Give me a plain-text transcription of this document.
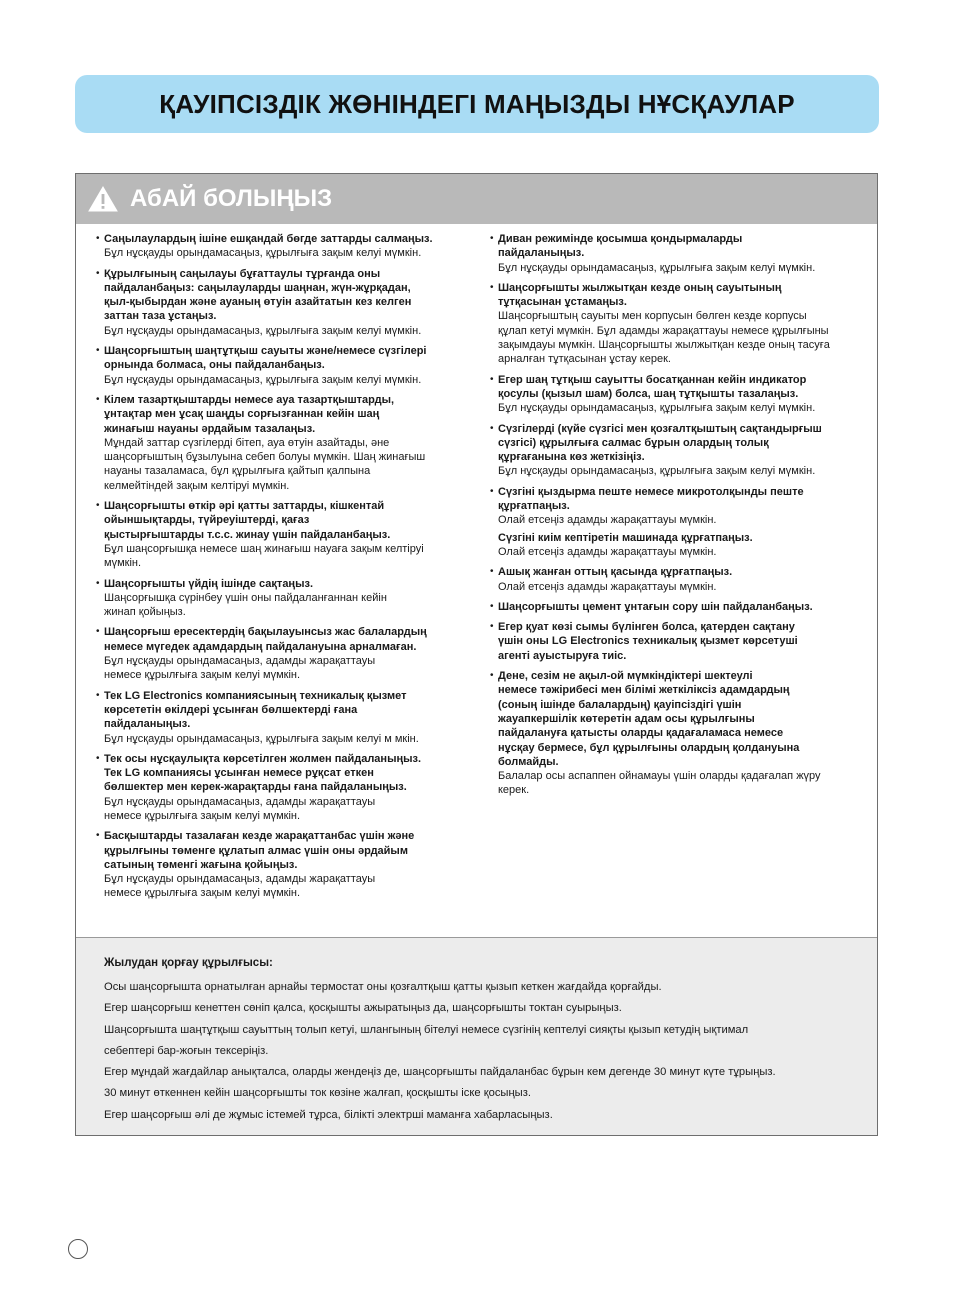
ҚАУІПСІЗДІК ЖӨНІНДЕГІ МАҢЫЗДЫ НҰСҚАУЛАР
АбАЙ бОЛЫҢЫЗ
• Саңылаулардың ішіне ешқандай бөгде заттарды салмаңыз.
Бұл нұсқауды орындамасаңыз, құрылғыға зақым келуі мүмкін.
• Құрылғының саңылауы бұғаттаулы тұрғанда оны
пайдаланбаңыз: саңылауларды шаңнан, жүн-жұрқадан,
қыл-қыбырдан және ауаның өтуін азайтатын кез келген
заттан таза ұстаңыз.
Бұл нұсқауды орындамасаңыз, құрылғыға зақым келуі мүмкін.
• Шаңсорғыштың шаңтұтқыш сауыты және/немесе сүзгілері
орнында болмаса, оны пайдаланбаңыз.
Бұл нұсқауды орындамасаңыз, құрылғыға зақым келуі мүмкін.
• Кілем тазартқыштарды немесе ауа тазартқыштарды,
ұнтақтар мен ұсақ шаңды сорғызғаннан кейін шаң
жинағыш науаны әрдайым тазалаңыз.
Мұндай заттар сүзгілерді бітеп, ауа өтуін азайтады, әне
шаңсорғыштың бұзылуына себеп болуы мүмкін. Шаң жинағыш
науаны тазаламаса, бұл құрылғыға қайтып қалпына
келмейтіндей зақым келтіруі мүмкін.
• Шаңсорғышты өткір әрі қатты заттарды, кішкентай
ойыншықтарды, түйреуіштерді, қағаз
қыстырғыштарды т.с.с. жинау үшін пайдаланбаңыз.
Бұл шаңсорғышқа немесе шаң жинағыш науаға зақым келтіруі
мүмкін.
• Шаңсорғышты үйдің ішінде сақтаңыз.
Шаңсорғышқа сүрінбеу үшін оны пайдаланғаннан кейін
жинап қойыңыз.
• Шаңсорғыш ересектердің бақылауынсыз жас балалардың
немесе мүгедек адамдардың пайдалануына арналмаған.
Бұл нұсқауды орындамасаңыз, адамды жарақаттауы
немесе құрылғыға зақым келуі мүмкін.
• Тек LG Electronics компаниясының техникалық қызмет
көрсететін өкілдері ұсынған бөлшектерді ғана
пайдаланыңыз.
Бұл нұсқауды орындамасаңыз, құрылғыға зақым келуі м мкін.
• Тек осы нұсқаулықта көрсетілген жолмен пайдаланыңыз.
Тек LG компаниясы ұсынған немесе рұқсат еткен
бөлшектер мен керек-жарақтарды ғана пайдаланыңыз.
Бұл нұсқауды орындамасаңыз, адамды жарақаттауы
немесе құрылғыға зақым келуі мүмкін.
• Басқыштарды тазалаған кезде жарақаттанбас үшін және
құрылғыны төменге құлатып алмас үшін оны әрдайым
сатының төменгі жағына қойыңыз.
Бұл нұсқауды орындамасаңыз, адамды жарақаттауы
немесе құрылғыға зақым келуі мүмкін.
• Диван режимінде қосымша қондырмаларды
пайдаланыңыз.
Бұл нұсқауды орындамасаңыз, құрылғыға зақым келуі мүмкін.
• Шаңсорғышты жылжытқан кезде оның сауытының
тұтқасынан ұстамаңыз.
Шаңсорғыштың сауыты мен корпусын бөлген кезде корпусы
құлап кетуі мүмкін. Бұл адамды жарақаттауы немесе құрылғыны
зақымдауы мүмкін. Шаңсорғышты жылжытқан кезде оның тасуға
арналған тұтқасынан ұстау керек.
• Егер шаң тұтқыш сауытты босатқаннан кейін индикатор
қосулы (қызыл шам) болса, шаң тұтқышты тазалаңыз.
Бұл нұсқауды орындамасаңыз, құрылғыға зақым келуі мүмкін.
• Сүзгілерді (күйе сүзгісі мен қозғалтқыштың сақтандырғыш
сүзгісі) құрылғыға салмас бұрын олардың толық
құрғағанына көз жеткізіңіз.
Бұл нұсқауды орындамасаңыз, құрылғыға зақым келуі мүмкін.
• Сүзгіні қыздырма пеште немесе микротолқынды пеште
құрғатпаңыз.
Олай етсеңіз адамды жарақаттауы мүмкін.
Сүзгіні киім кептіретін машинада құрғатпаңыз.
Олай етсеңіз адамды жарақаттауы мүмкін.
• Ашық жанған оттың қасында құрғатпаңыз.
Олай етсеңіз адамды жарақаттауы мүмкін.
• Шаңсорғышты цемент ұнтағын сору шін пайдаланбаңыз.
• Егер қуат көзі сымы бүлінген болса, қатерден сақтану
үшін оны LG Electronics техникалық қызмет көрсетуші
агенті ауыстыруға тиіс.
• Дене, сезім не ақыл-ой мүмкіндіктері шектеулі
немесе тәжірибесі мен білімі жеткіліксіз адамдардың
(соның ішінде балалардың) қауіпсіздігі үшін
жауапкершілік көтеретін адам осы құрылғыны
пайдалануға қатысты оларды қадағаламаса немесе
нұсқау бермесе, бұл құрылғыны олардың қолдануына
болмайды.
Балалар осы аспаппен ойнамауы үшін оларды қадағалап жүру
керек.
Жылудан қорғау құрылғысы:
Осы шаңсорғышта орнатылған арнайы термостат оны қозғалтқыш қатты қызып кеткен жағдайда қорғайды.
Егер шаңсорғыш кенеттен сөніп қалса, қосқышты ажыратыңыз да, шаңсорғышты токтан суырыңыз.
Шаңсорғышта шаңтұтқыш сауыттың толып кетуі, шлангының бітелуі немесе сүзгінің кептелуі сияқты қызып кетудің ықтимал
себептері бар-жоғын тексеріңіз.
Егер мұндай жағдайлар анықталса, оларды жендеңіз де, шаңсорғышты пайдаланбас бұрын кем дегенде 30 минут күте тұрыңыз.
30 минут өткеннен кейін шаңсорғышты ток көзіне жалғап, қосқышты іске қосыңыз.
Егер шаңсорғыш әлі де жұмыс істемей тұрса, білікті электрші маманға хабарласыңыз.
